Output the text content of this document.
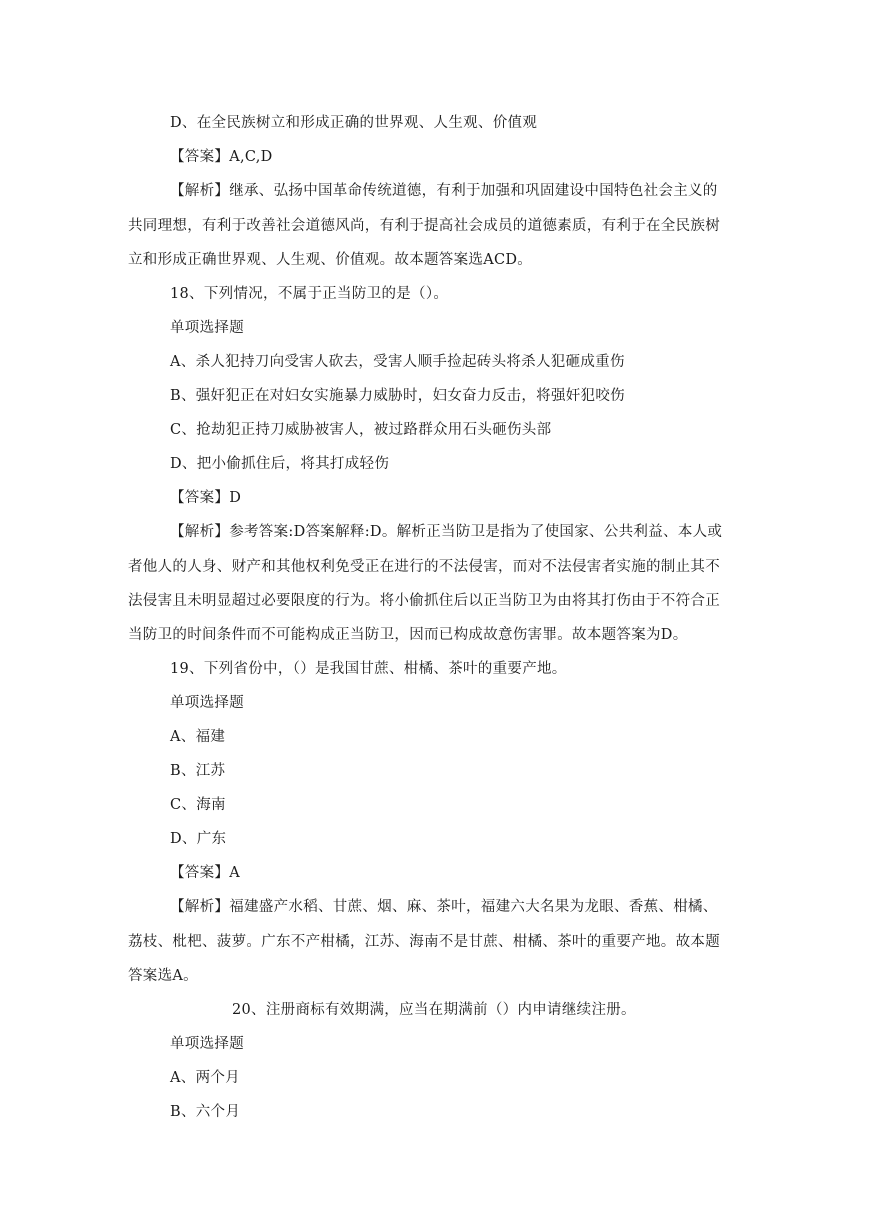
D、在全民族树立和形成正确的世界观、人生观、价值观
【答案】A,C,D
【解析】继承、弘扬中国革命传统道德，有利于加强和巩固建设中国特色社会主义的
共同理想，有利于改善社会道德风尚，有利于提高社会成员的道德素质，有利于在全民族树
立和形成正确世界观、人生观、价值观。故本题答案选ACD。
18、下列情况，不属于正当防卫的是（）。
单项选择题
A、杀人犯持刀向受害人砍去，受害人顺手捡起砖头将杀人犯砸成重伤
B、强奸犯正在对妇女实施暴力威胁时，妇女奋力反击，将强奸犯咬伤
C、抢劫犯正持刀威胁被害人，被过路群众用石头砸伤头部
D、把小偷抓住后，将其打成轻伤
【答案】D
【解析】参考答案:D答案解释:D。解析正当防卫是指为了使国家、公共利益、本人或
者他人的人身、财产和其他权利免受正在进行的不法侵害，而对不法侵害者实施的制止其不
法侵害且未明显超过必要限度的行为。将小偷抓住后以正当防卫为由将其打伤由于不符合正
当防卫的时间条件而不可能构成正当防卫，因而已构成故意伤害罪。故本题答案为D。
19、下列省份中，（）是我国甘蔗、柑橘、茶叶的重要产地。
单项选择题
A、福建
B、江苏
C、海南
D、广东
【答案】A
【解析】福建盛产水稻、甘蔗、烟、麻、茶叶，福建六大名果为龙眼、香蕉、柑橘、
荔枝、枇杷、菠萝。广东不产柑橘，江苏、海南不是甘蔗、柑橘、茶叶的重要产地。故本题
答案选A。
20、注册商标有效期满，应当在期满前（）内申请继续注册。
单项选择题
A、两个月
B、六个月
